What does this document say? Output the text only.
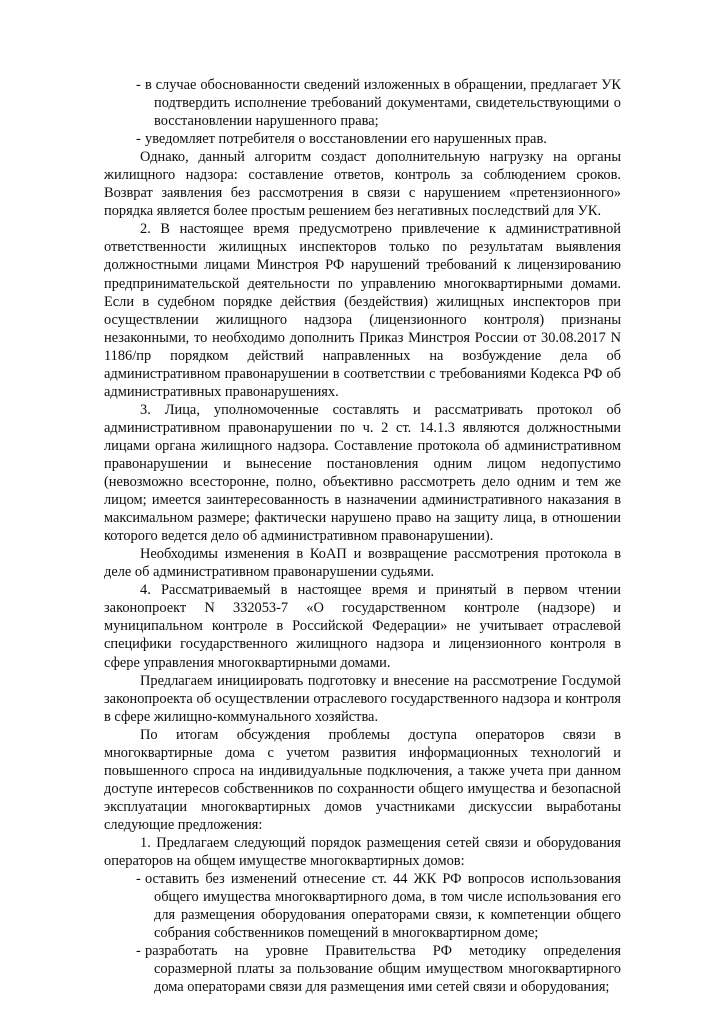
- в случае обоснованности сведений изложенных в обращении, предлагает УК подтвердить исполнение требований документами, свидетельствующими о восстановлении нарушенного права;
- уведомляет потребителя о восстановлении его нарушенных прав.

Однако, данный алгоритм создаст дополнительную нагрузку на органы жилищного надзора: составление ответов, контроль за соблюдением сроков. Возврат заявления без рассмотрения в связи с нарушением «претензионного» порядка является более простым решением без негативных последствий для УК.

2. В настоящее время предусмотрено привлечение к административной ответственности жилищных инспекторов только по результатам выявления должностными лицами Минстроя РФ нарушений требований к лицензированию предпринимательской деятельности по управлению многоквартирными домами. Если в судебном порядке действия (бездействия) жилищных инспекторов при осуществлении жилищного надзора (лицензионного контроля) признаны незаконными, то необходимо дополнить Приказ Минстроя России от 30.08.2017 N 1186/пр порядком действий направленных на возбуждение дела об административном правонарушении в соответствии с требованиями Кодекса РФ об административных правонарушениях.

3. Лица, уполномоченные составлять и рассматривать протокол об административном правонарушении по ч. 2 ст. 14.1.3 являются должностными лицами органа жилищного надзора. Составление протокола об административном правонарушении и вынесение постановления одним лицом недопустимо (невозможно всесторонне, полно, объективно рассмотреть дело одним и тем же лицом; имеется заинтересованность в назначении административного наказания в максимальном размере; фактически нарушено право на защиту лица, в отношении которого ведется дело об административном правонарушении).

Необходимы изменения в КоАП и возвращение рассмотрения протокола в деле об административном правонарушении судьями.

4. Рассматриваемый в настоящее время и принятый в первом чтении законопроект N 332053-7 «О государственном контроле (надзоре) и муниципальном контроле в Российской Федерации» не учитывает отраслевой специфики государственного жилищного надзора и лицензионного контроля в сфере управления многоквартирными домами.

Предлагаем инициировать подготовку и внесение на рассмотрение Госдумой законопроекта об осуществлении отраслевого государственного надзора и контроля в сфере жилищно-коммунального хозяйства.

По итогам обсуждения проблемы доступа операторов связи в многоквартирные дома с учетом развития информационных технологий и повышенного спроса на индивидуальные подключения, а также учета при данном доступе интересов собственников по сохранности общего имущества и безопасной эксплуатации многоквартирных домов участниками дискуссии выработаны следующие предложения:

1. Предлагаем следующий порядок размещения сетей связи и оборудования операторов на общем имуществе многоквартирных домов:

- оставить без изменений отнесение ст. 44 ЖК РФ вопросов использования общего имущества многоквартирного дома, в том числе использования его для размещения оборудования операторами связи, к компетенции общего собрания собственников помещений в многоквартирном доме;
- разработать на уровне Правительства РФ методику определения соразмерной платы за пользование общим имуществом многоквартирного дома операторами связи для размещения ими сетей связи и оборудования;
